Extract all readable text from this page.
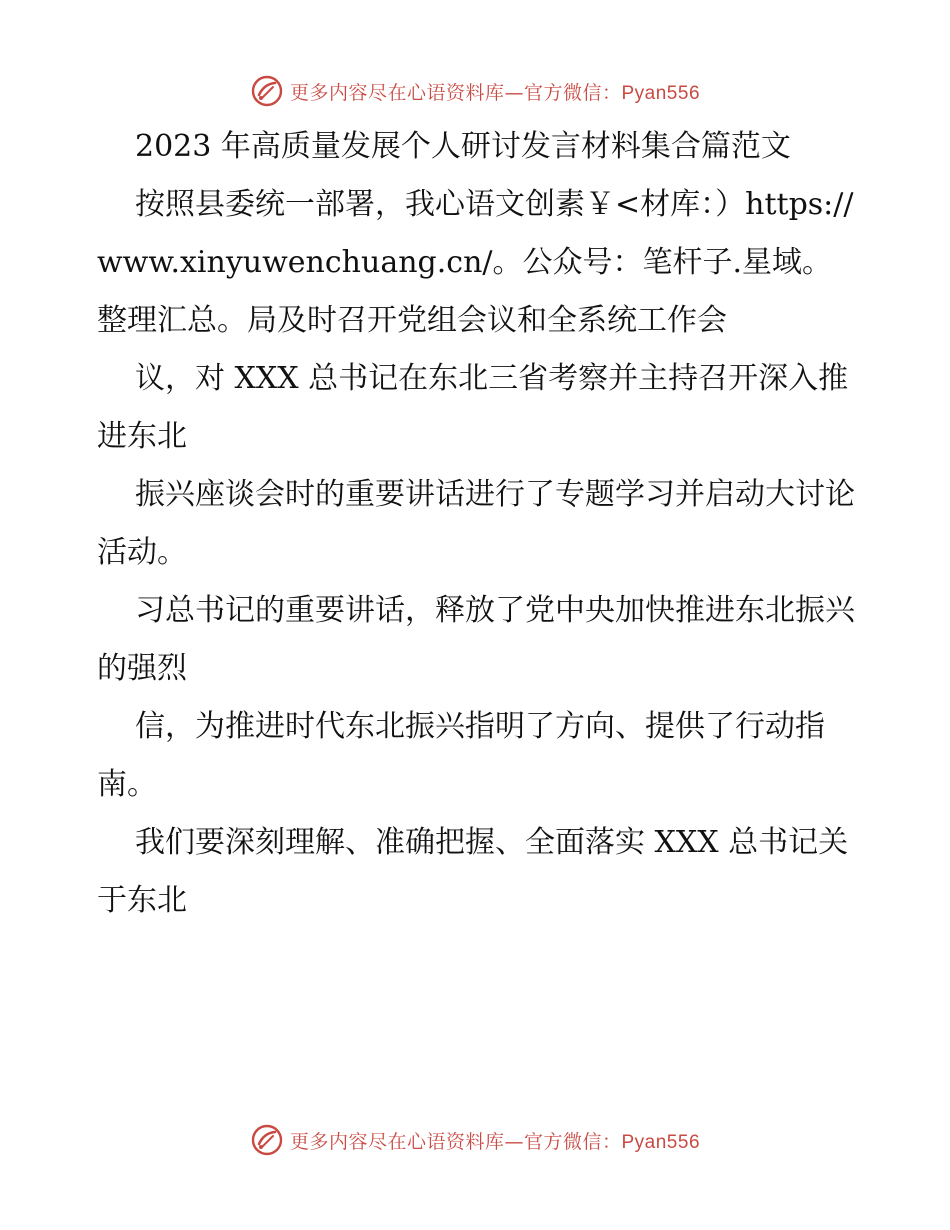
更多内容尽在心语资料库—官方微信：Pyan556

2023 年高质量发展个人研讨发言材料集合篇范文

按照县委统一部署，我心语文创素￥<材库：）https://www.xinyuwenchuang.cn/。公众号：笔杆子.星域。整理汇总。局及时召开党组会议和全系统工作会

议，对 XXX 总书记在东北三省考察并主持召开深入推进东北

振兴座谈会时的重要讲话进行了专题学习并启动大讨论活动。

习总书记的重要讲话，释放了党中央加快推进东北振兴的强烈

信，为推进时代东北振兴指明了方向、提供了行动指南。

我们要深刻理解、准确把握、全面落实 XXX 总书记关于东北

更多内容尽在心语资料库—官方微信：Pyan556
